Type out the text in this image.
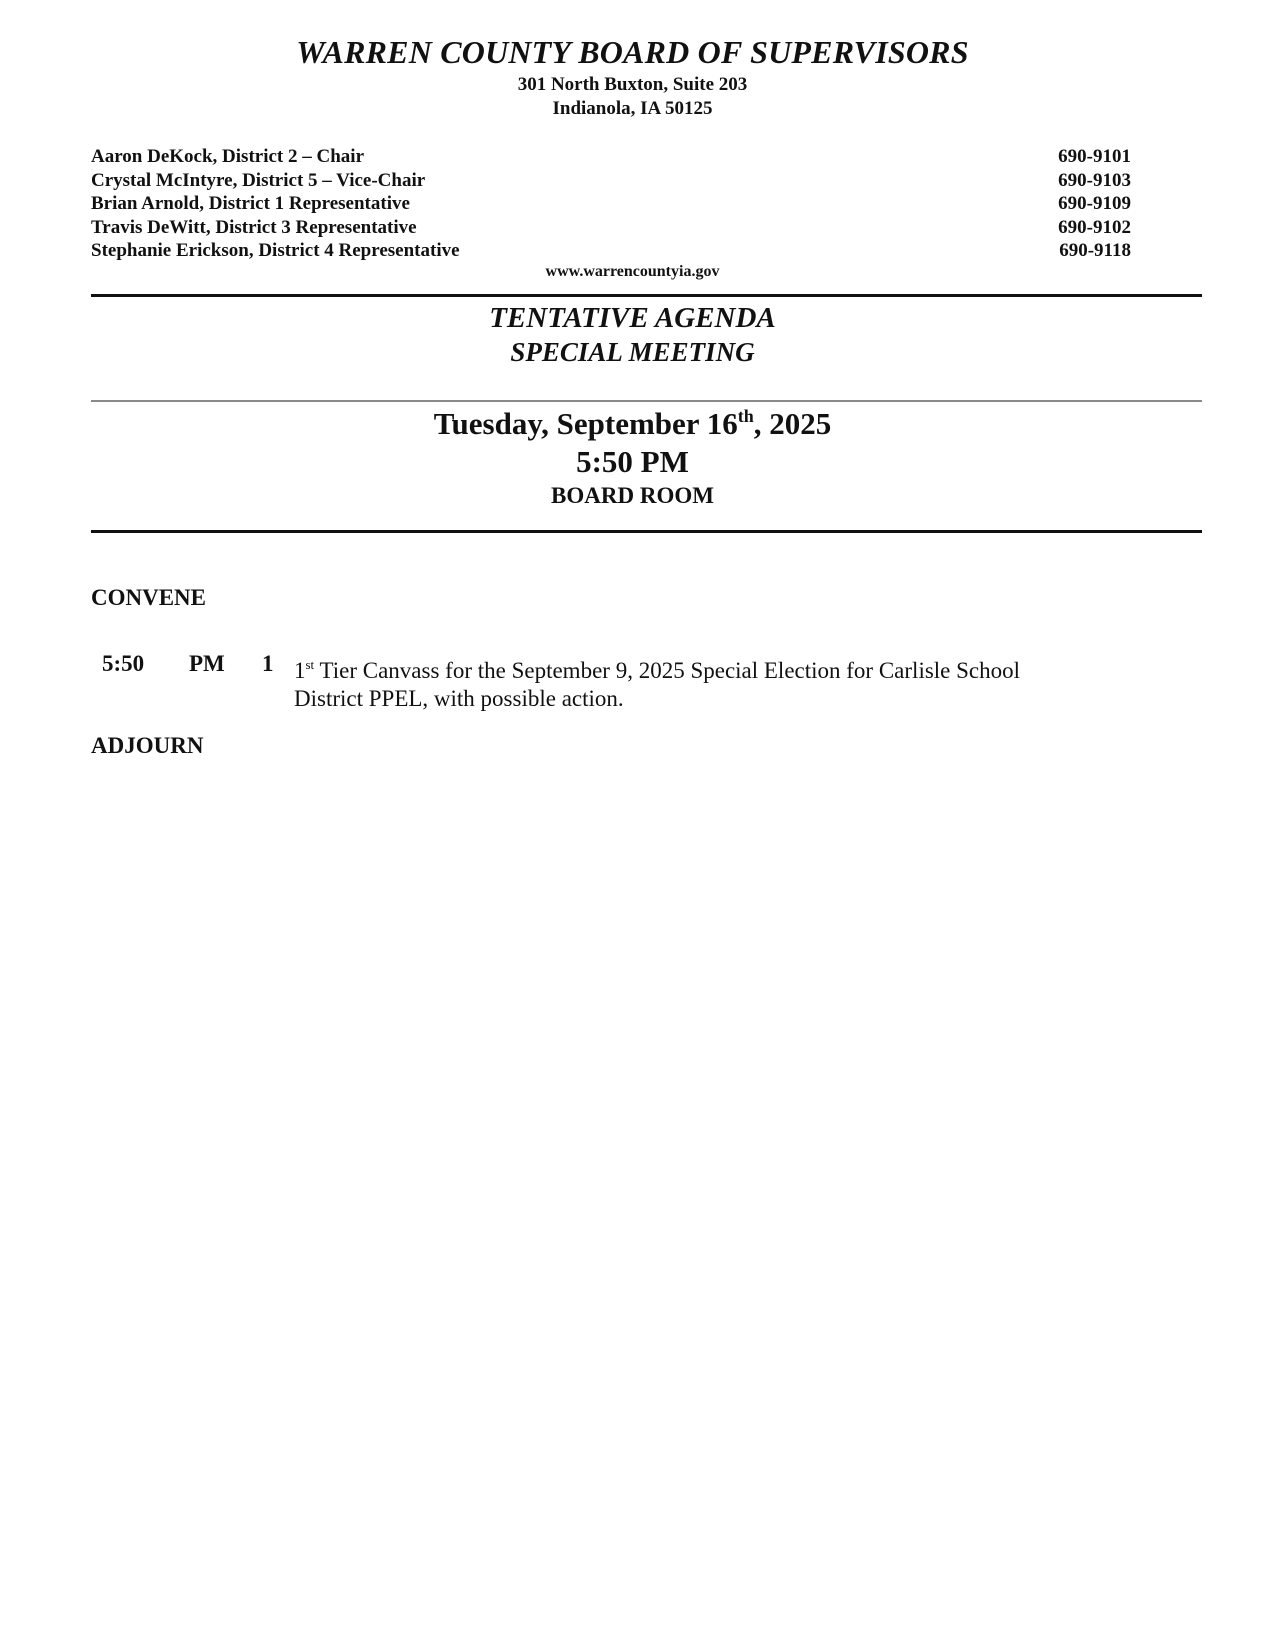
WARREN COUNTY BOARD OF SUPERVISORS
301 North Buxton, Suite 203
Indianola, IA 50125
Aaron DeKock, District 2 – Chair	690-9101
Crystal McIntyre, District 5 – Vice-Chair	690-9103
Brian Arnold, District 1 Representative	690-9109
Travis DeWitt, District 3 Representative	690-9102
Stephanie Erickson, District 4 Representative	690-9118
www.warrencountyia.gov
TENTATIVE AGENDA
SPECIAL MEETING
Tuesday, September 16th, 2025
5:50 PM
BOARD ROOM
CONVENE
5:50 PM 1 1st Tier Canvass for the September 9, 2025 Special Election for Carlisle School
District PPEL, with possible action.
ADJOURN
